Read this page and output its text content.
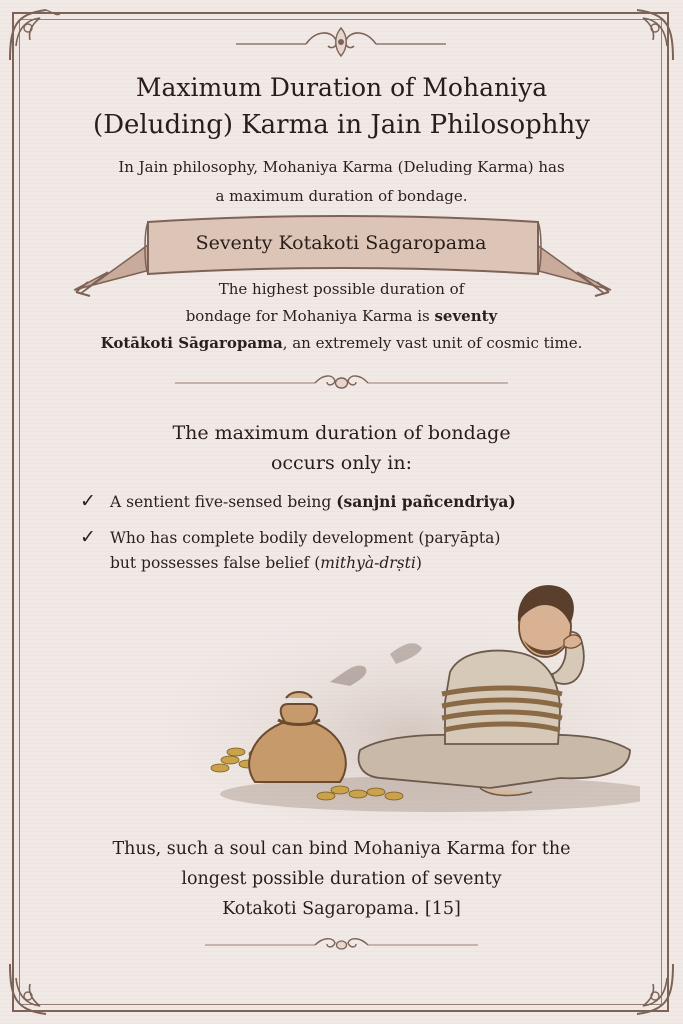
Maximum Duration of Mohaniya
(Deluding) Karma in Jain Philosophhy
In Jain philosophy, Mohaniya Karma (Deluding Karma) has
a maximum duration of bondage.
Seventy Kotakoti Sagaropama
The highest possible duration of
bondage for Mohaniya Karma is seventy
Kotākoti Sāgaropama, an extremely vast unit of cosmic time.
The maximum duration of bondage
occurs only in:
✓ A sentient five-sensed being (sanjni pañcendriya)
✓ Who has complete bodily development (paryāpta)
but possesses false belief (mithyà-drṣti)
Thus, such a soul can bind Mohaniya Karma for the
longest possible duration of seventy
Kotakoti Sagaropama. [15]
